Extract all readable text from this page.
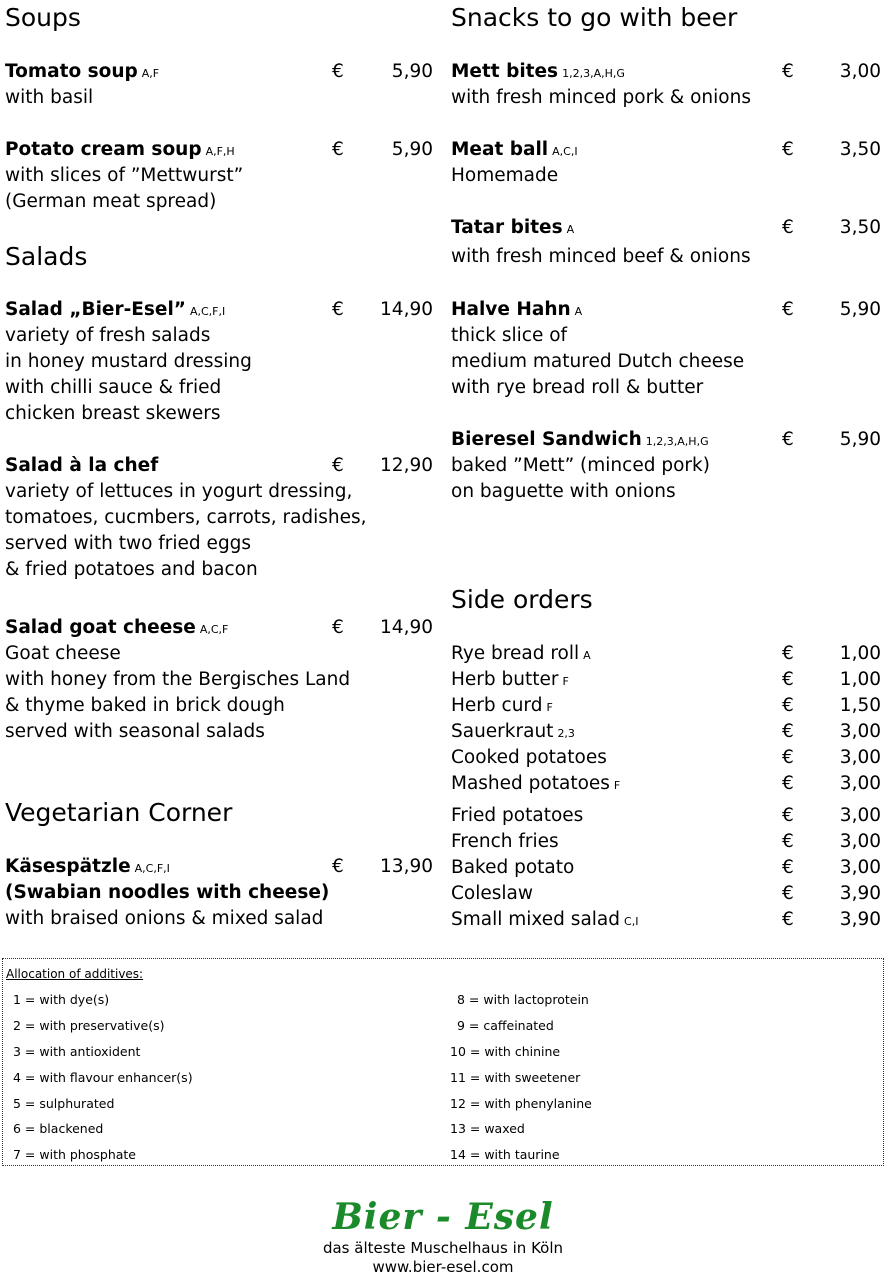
Soups
Tomato soup A,F	€	5,90
with basil
Potato cream soup A,F,H	€	5,90
with slices of ”Mettwurst”
(German meat spread)
Salads
Salad „Bier-Esel” A,C,F,I	€ 14,90
variety of fresh salads
in honey mustard dressing
with chilli sauce & fried
chicken breast skewers
Salad à la chef	€ 12,90
variety of lettuces in yogurt dressing,
tomatoes, cucmbers, carrots, radishes,
served with two fried eggs
& fried potatoes and bacon
Salad goat cheese A,C,F	€ 14,90
Goat cheese
with honey from the Bergisches Land
& thyme baked in brick dough
served with seasonal salads
Vegetarian Corner
Käsespätzle A,C,F,I	€ 13,90
(Swabian noodles with cheese)
with braised onions & mixed salad
Snacks to go with beer
Mett bites 1,2,3,A,H,G	€ 3,00
with fresh minced pork & onions
Meat ball A,C,I	€ 3,50
Homemade
Tatar bites A	€ 3,50
with fresh minced beef & onions
Halve Hahn A	€ 5,90
thick slice of
medium matured Dutch cheese
with rye bread roll & butter
Bieresel Sandwich 1,2,3,A,H,G	€ 5,90
baked ”Mett” (minced pork)
on baguette with onions
Side orders
Rye bread roll A	€ 1,00
Herb butter F	€ 1,00
Herb curd F	€ 1,50
Sauerkraut 2,3	€ 3,00
Cooked potatoes	€ 3,00
Mashed potatoes F	€ 3,00
Fried potatoes	€ 3,00
French fries	€ 3,00
Baked potato	€ 3,00
Coleslaw	€ 3,90
Small mixed salad C,I	€ 3,90
Allocation of additives:
1 = with dye(s)
2 = with preservative(s)
3 = with antioxident
4 = with flavour enhancer(s)
5 = sulphurated
6 = blackened
7 = with phosphate
8 = with lactoprotein
9 = caffeinated
10 = with chinine
11 = with sweetener
12 = with phenylanine
13 = waxed
14 = with taurine
Bier - Esel
das älteste Muschelhaus in Köln
www.bier-esel.com
